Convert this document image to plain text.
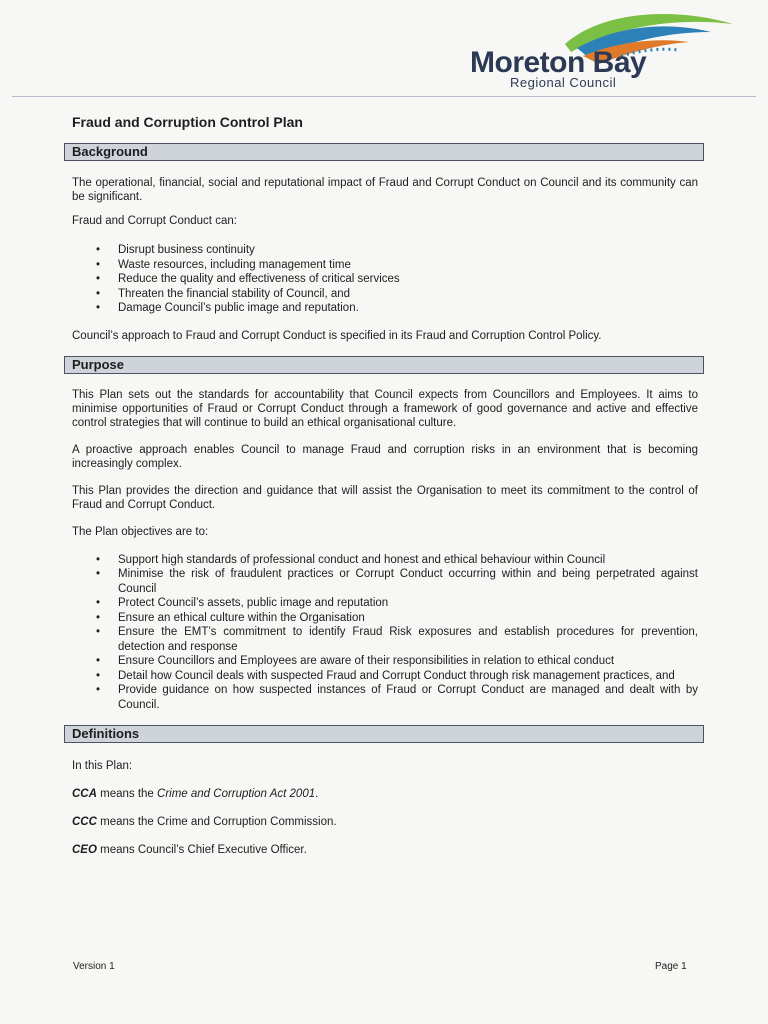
Moreton Bay
Regional Council
Fraud and Corruption Control Plan
Background

The operational, financial, social and reputational impact of Fraud and Corrupt Conduct on Council and its community can be significant.

Fraud and Corrupt Conduct can:

• Disrupt business continuity
• Waste resources, including management time
• Reduce the quality and effectiveness of critical services
• Threaten the financial stability of Council, and
• Damage Council’s public image and reputation.

Council’s approach to Fraud and Corrupt Conduct is specified in its Fraud and Corruption Control Policy.

Purpose

This Plan sets out the standards for accountability that Council expects from Councillors and Employees. It aims to minimise opportunities of Fraud or Corrupt Conduct through a framework of good governance and active and effective control strategies that will continue to build an ethical organisational culture.

A proactive approach enables Council to manage Fraud and corruption risks in an environment that is becoming increasingly complex.

This Plan provides the direction and guidance that will assist the Organisation to meet its commitment to the control of Fraud and Corrupt Conduct.

The Plan objectives are to:

• Support high standards of professional conduct and honest and ethical behaviour within Council
• Minimise the risk of fraudulent practices or Corrupt Conduct occurring within and being perpetrated against Council
• Protect Council’s assets, public image and reputation
• Ensure an ethical culture within the Organisation
• Ensure the EMT’s commitment to identify Fraud Risk exposures and establish procedures for prevention, detection and response
• Ensure Councillors and Employees are aware of their responsibilities in relation to ethical conduct
• Detail how Council deals with suspected Fraud and Corrupt Conduct through risk management practices, and
• Provide guidance on how suspected instances of Fraud or Corrupt Conduct are managed and dealt with by Council.
Definitions

In this Plan:

CCA means the Crime and Corruption Act 2001.

CCC means the Crime and Corruption Commission.

CEO means Council’s Chief Executive Officer.

Version 1	Page 1
